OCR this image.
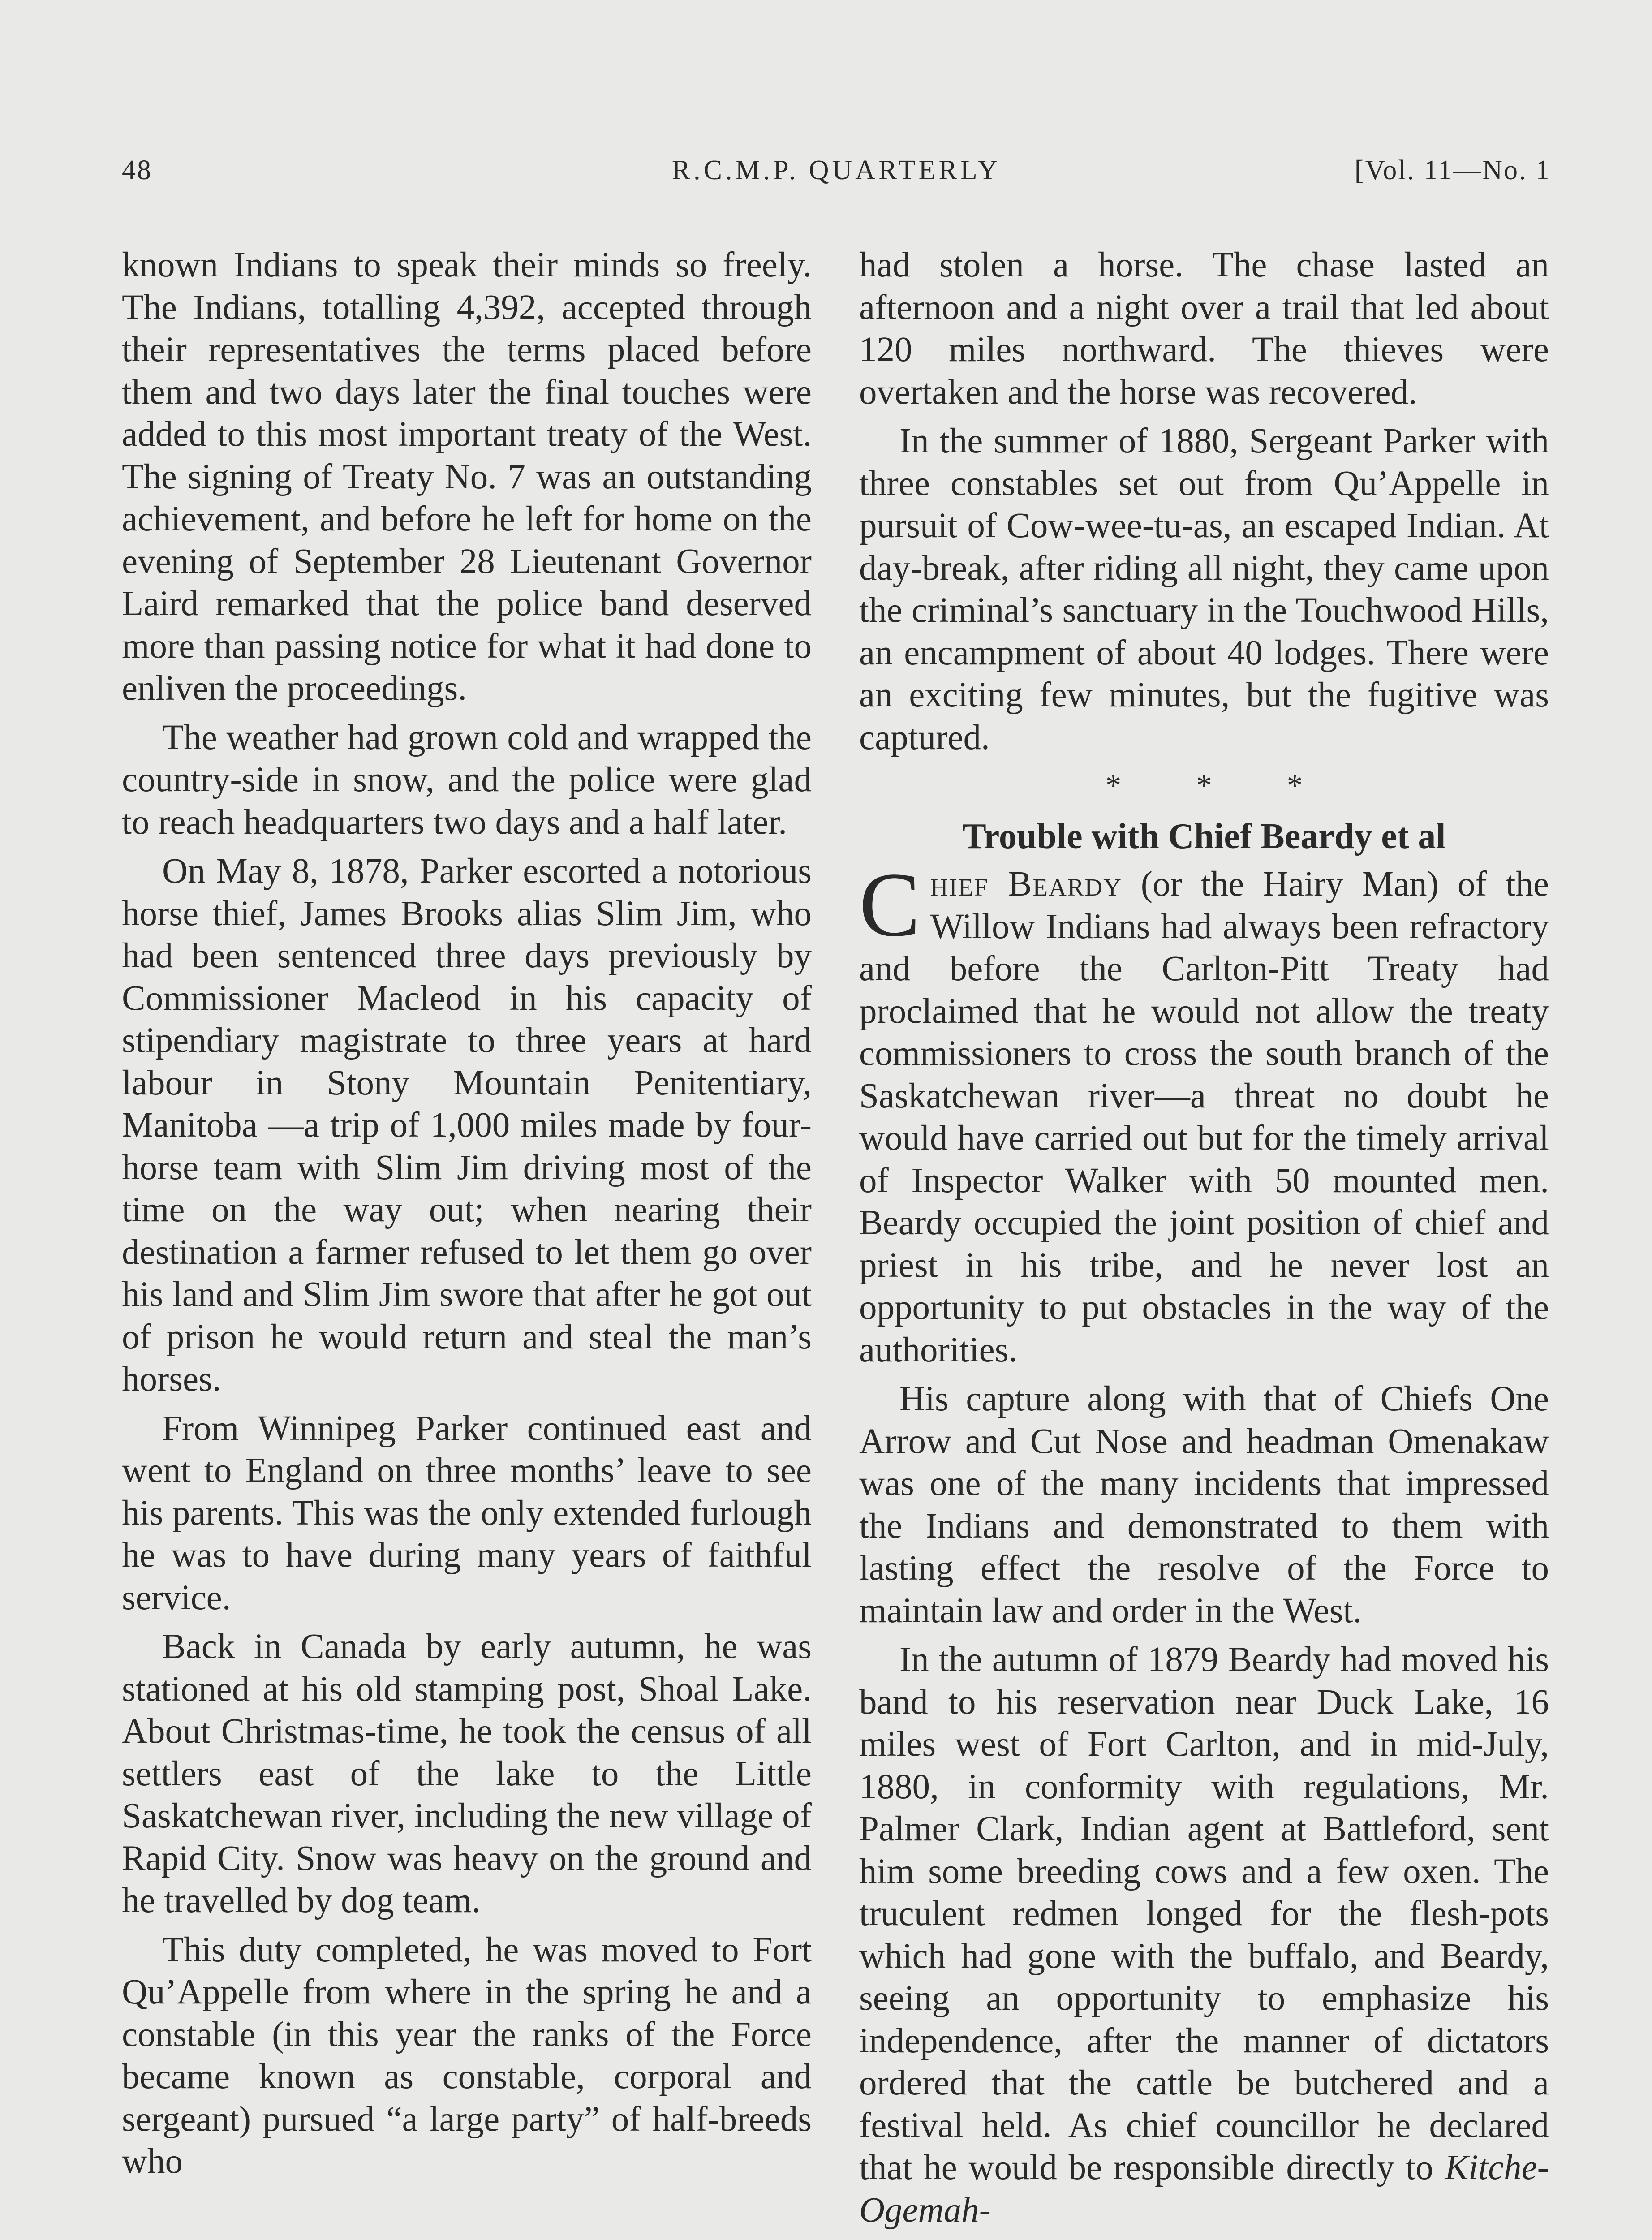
48	R.C.M.P. QUARTERLY	[Vol. 11—No. 1

known Indians to speak their minds so freely. The Indians, totalling 4,392, accepted through their representatives the terms placed before them and two days later the final touches were added to this most important treaty of the West. The signing of Treaty No. 7 was an outstanding achievement, and before he left for home on the evening of September 28 Lieutenant Governor Laird remarked that the police band deserved more than passing notice for what it had done to enliven the proceedings.

The weather had grown cold and wrapped the country-side in snow, and the police were glad to reach headquarters two days and a half later.

On May 8, 1878, Parker escorted a notorious horse thief, James Brooks alias Slim Jim, who had been sentenced three days previously by Commissioner Macleod in his capacity of stipendiary magistrate to three years at hard labour in Stony Mountain Penitentiary, Manitoba —a trip of 1,000 miles made by four-horse team with Slim Jim driving most of the time on the way out; when nearing their destination a farmer refused to let them go over his land and Slim Jim swore that after he got out of prison he would return and steal the man’s horses.

From Winnipeg Parker continued east and went to England on three months’ leave to see his parents. This was the only extended furlough he was to have during many years of faithful service.

Back in Canada by early autumn, he was stationed at his old stamping post, Shoal Lake. About Christmas-time, he took the census of all settlers east of the lake to the Little Saskatchewan river, including the new village of Rapid City. Snow was heavy on the ground and he travelled by dog team.

This duty completed, he was moved to Fort Qu’Appelle from where in the spring he and a constable (in this year the ranks of the Force became known as constable, corporal and sergeant) pursued “a large party” of half-breeds who

had stolen a horse. The chase lasted an afternoon and a night over a trail that led about 120 miles northward. The thieves were overtaken and the horse was recovered.

In the summer of 1880, Sergeant Parker with three constables set out from Qu’Appelle in pursuit of Cow-wee-tu-as, an escaped Indian. At day-break, after riding all night, they came upon the criminal’s sanctuary in the Touchwood Hills, an encampment of about 40 lodges. There were an exciting few minutes, but the fugitive was captured.

* * *
Trouble with Chief Beardy et al

Chief Beardy (or the Hairy Man) of the Willow Indians had always been refractory and before the Carlton-Pitt Treaty had proclaimed that he would not allow the treaty commissioners to cross the south branch of the Saskatchewan river—a threat no doubt he would have carried out but for the timely arrival of Inspector Walker with 50 mounted men. Beardy occupied the joint position of chief and priest in his tribe, and he never lost an opportunity to put obstacles in the way of the authorities.

His capture along with that of Chiefs One Arrow and Cut Nose and headman Omenakaw was one of the many incidents that impressed the Indians and demonstrated to them with lasting effect the resolve of the Force to maintain law and order in the West.

In the autumn of 1879 Beardy had moved his band to his reservation near Duck Lake, 16 miles west of Fort Carlton, and in mid-July, 1880, in conformity with regulations, Mr. Palmer Clark, Indian agent at Battleford, sent him some breeding cows and a few oxen. The truculent redmen longed for the flesh-pots which had gone with the buffalo, and Beardy, seeing an opportunity to emphasize his independence, after the manner of dictators ordered that the cattle be butchered and a festival held. As chief councillor he declared that he would be responsible directly to Kitche-Ogemah-
